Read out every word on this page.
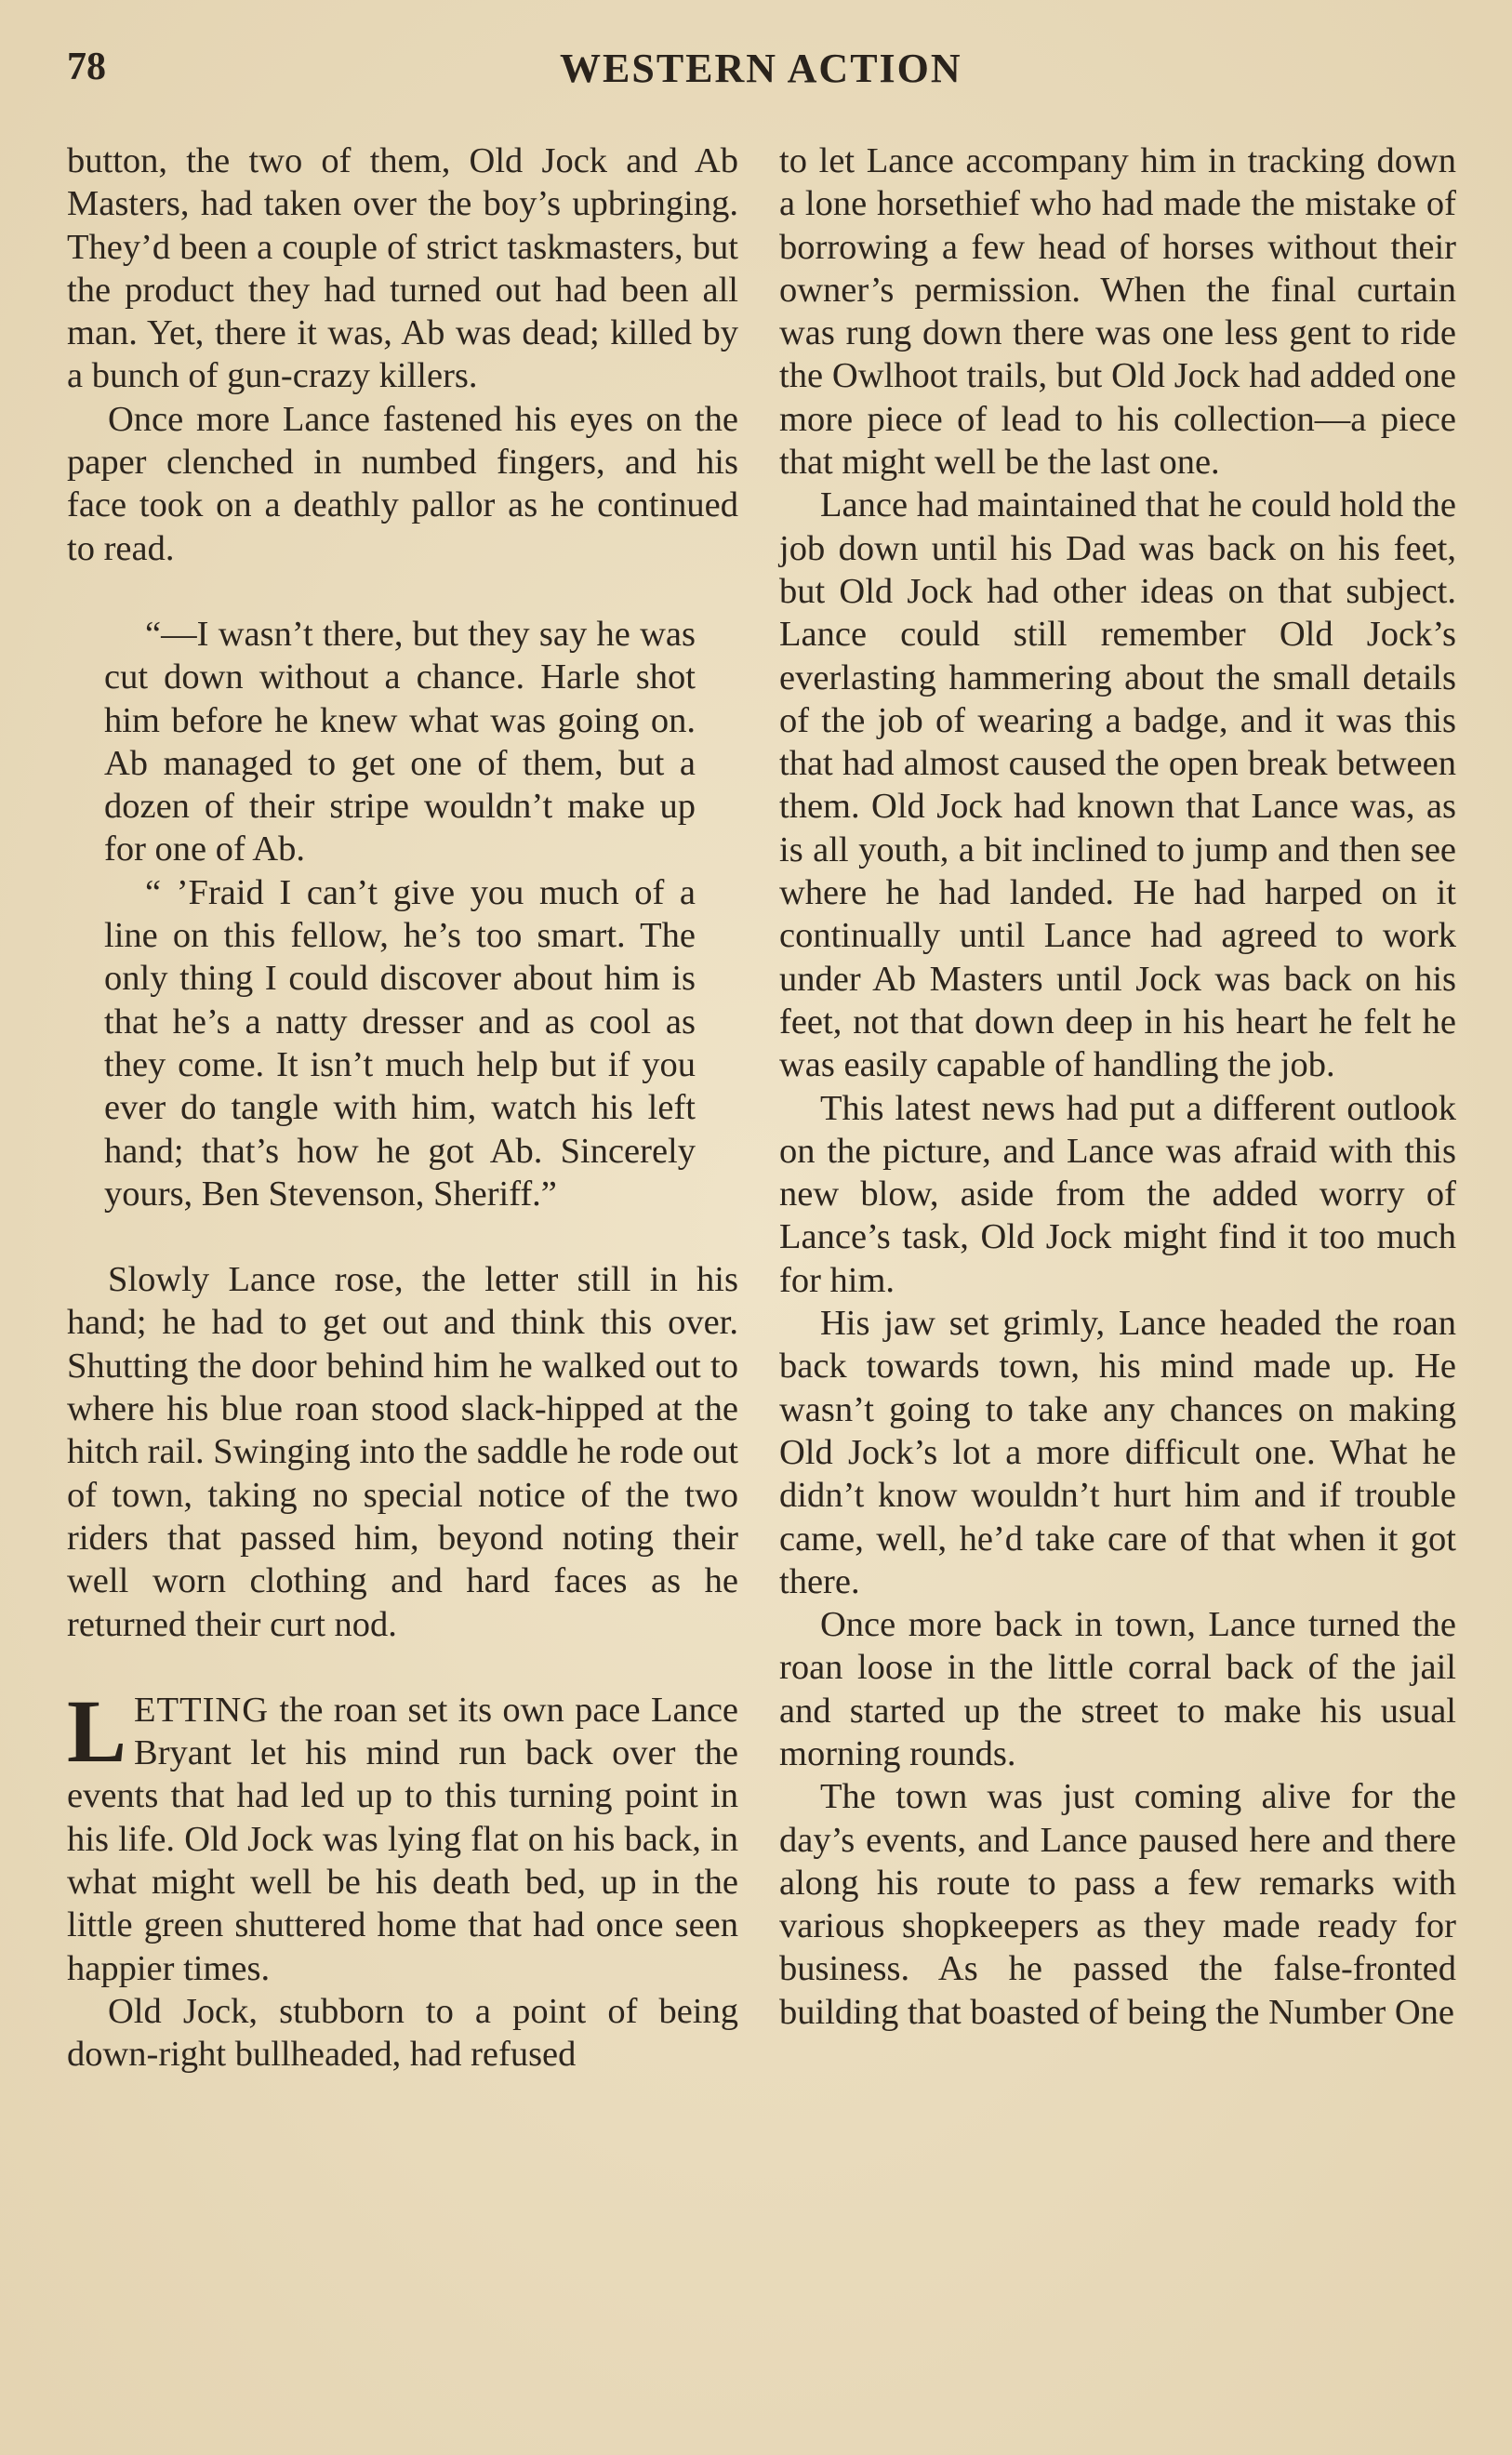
78	WESTERN ACTION

button, the two of them, Old Jock and Ab Masters, had taken over the boy’s upbringing. They’d been a couple of strict taskmasters, but the product they had turned out had been all man. Yet, there it was, Ab was dead; killed by a bunch of gun-crazy killers.

Once more Lance fastened his eyes on the paper clenched in numbed fingers, and his face took on a deathly pallor as he continued to read.

“—I wasn’t there, but they say he was cut down without a chance. Harle shot him before he knew what was going on. Ab managed to get one of them, but a dozen of their stripe wouldn’t make up for one of Ab.

“ ’Fraid I can’t give you much of a line on this fellow, he’s too smart. The only thing I could discover about him is that he’s a natty dresser and as cool as they come. It isn’t much help but if you ever do tangle with him, watch his left hand; that’s how he got Ab. Sincerely yours, Ben Stevenson, Sheriff.”

Slowly Lance rose, the letter still in his hand; he had to get out and think this over. Shutting the door behind him he walked out to where his blue roan stood slack-hipped at the hitch rail. Swinging into the saddle he rode out of town, taking no special notice of the two riders that passed him, beyond noting their well worn clothing and hard faces as he returned their curt nod.

LETTING the roan set its own pace Lance Bryant let his mind run back over the events that had led up to this turning point in his life. Old Jock was lying flat on his back, in what might well be his death bed, up in the little green shuttered home that had once seen happier times.

Old Jock, stubborn to a point of being down-right bullheaded, had refused

to let Lance accompany him in tracking down a lone horsethief who had made the mistake of borrowing a few head of horses without their owner’s permission. When the final curtain was rung down there was one less gent to ride the Owlhoot trails, but Old Jock had added one more piece of lead to his collection—a piece that might well be the last one.

Lance had maintained that he could hold the job down until his Dad was back on his feet, but Old Jock had other ideas on that subject. Lance could still remember Old Jock’s everlasting hammering about the small details of the job of wearing a badge, and it was this that had almost caused the open break between them. Old Jock had known that Lance was, as is all youth, a bit inclined to jump and then see where he had landed. He had harped on it continually until Lance had agreed to work under Ab Masters until Jock was back on his feet, not that down deep in his heart he felt he was easily capable of handling the job.

This latest news had put a different outlook on the picture, and Lance was afraid with this new blow, aside from the added worry of Lance’s task, Old Jock might find it too much for him.

His jaw set grimly, Lance headed the roan back towards town, his mind made up. He wasn’t going to take any chances on making Old Jock’s lot a more difficult one. What he didn’t know wouldn’t hurt him and if trouble came, well, he’d take care of that when it got there.

Once more back in town, Lance turned the roan loose in the little corral back of the jail and started up the street to make his usual morning rounds.

The town was just coming alive for the day’s events, and Lance paused here and there along his route to pass a few remarks with various shopkeepers as they made ready for business. As he passed the false-fronted building that boasted of being the Number One
